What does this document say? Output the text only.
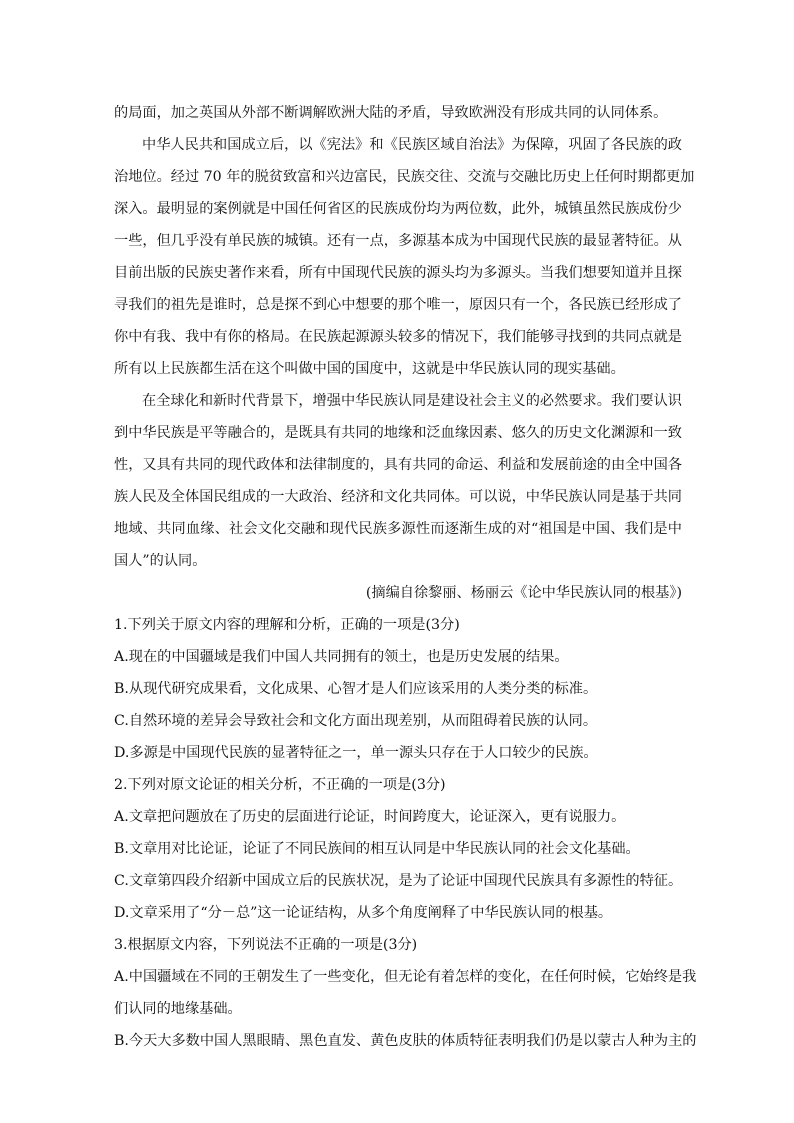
的局面，加之英国从外部不断调解欧洲大陆的矛盾，导致欧洲没有形成共同的认同体系。
中华人民共和国成立后，以《宪法》和《民族区域自治法》为保障，巩固了各民族的政
治地位。经过 70 年的脱贫致富和兴边富民，民族交往、交流与交融比历史上任何时期都更加
深入。最明显的案例就是中国任何省区的民族成份均为两位数，此外，城镇虽然民族成份少
一些，但几乎没有单民族的城镇。还有一点，多源基本成为中国现代民族的最显著特征。从
目前出版的民族史著作来看，所有中国现代民族的源头均为多源头。当我们想要知道并且探
寻我们的祖先是谁时，总是探不到心中想要的那个唯一，原因只有一个，各民族已经形成了
你中有我、我中有你的格局。在民族起源源头较多的情况下，我们能够寻找到的共同点就是
所有以上民族都生活在这个叫做中国的国度中，这就是中华民族认同的现实基础。
在全球化和新时代背景下，增强中华民族认同是建设社会主义的必然要求。我们要认识
到中华民族是平等融合的，是既具有共同的地缘和泛血缘因素、悠久的历史文化渊源和一致
性，又具有共同的现代政体和法律制度的，具有共同的命运、利益和发展前途的由全中国各
族人民及全体国民组成的一大政治、经济和文化共同体。可以说，中华民族认同是基于共同
地域、共同血缘、社会文化交融和现代民族多源性而逐渐生成的对“祖国是中国、我们是中
国人”的认同。
(摘编自徐黎丽、杨丽云《论中华民族认同的根基》)
1.下列关于原文内容的理解和分析，正确的一项是(3分)
A.现在的中国疆域是我们中国人共同拥有的领土，也是历史发展的结果。
B.从现代研究成果看，文化成果、心智才是人们应该采用的人类分类的标准。
C.自然环境的差异会导致社会和文化方面出现差别，从而阻碍着民族的认同。
D.多源是中国现代民族的显著特征之一，单一源头只存在于人口较少的民族。
2.下列对原文论证的相关分析，不正确的一项是(3分)
A.文章把问题放在了历史的层面进行论证，时间跨度大，论证深入，更有说服力。
B.文章用对比论证，论证了不同民族间的相互认同是中华民族认同的社会文化基础。
C.文章第四段介绍新中国成立后的民族状况，是为了论证中国现代民族具有多源性的特征。
D.文章采用了“分－总”这一论证结构，从多个角度阐释了中华民族认同的根基。
3.根据原文内容，下列说法不正确的一项是(3分)
A.中国疆域在不同的王朝发生了一些变化，但无论有着怎样的变化，在任何时候，它始终是我
们认同的地缘基础。
B.今天大多数中国人黑眼睛、黑色直发、黄色皮肤的体质特征表明我们仍是以蒙古人种为主的
